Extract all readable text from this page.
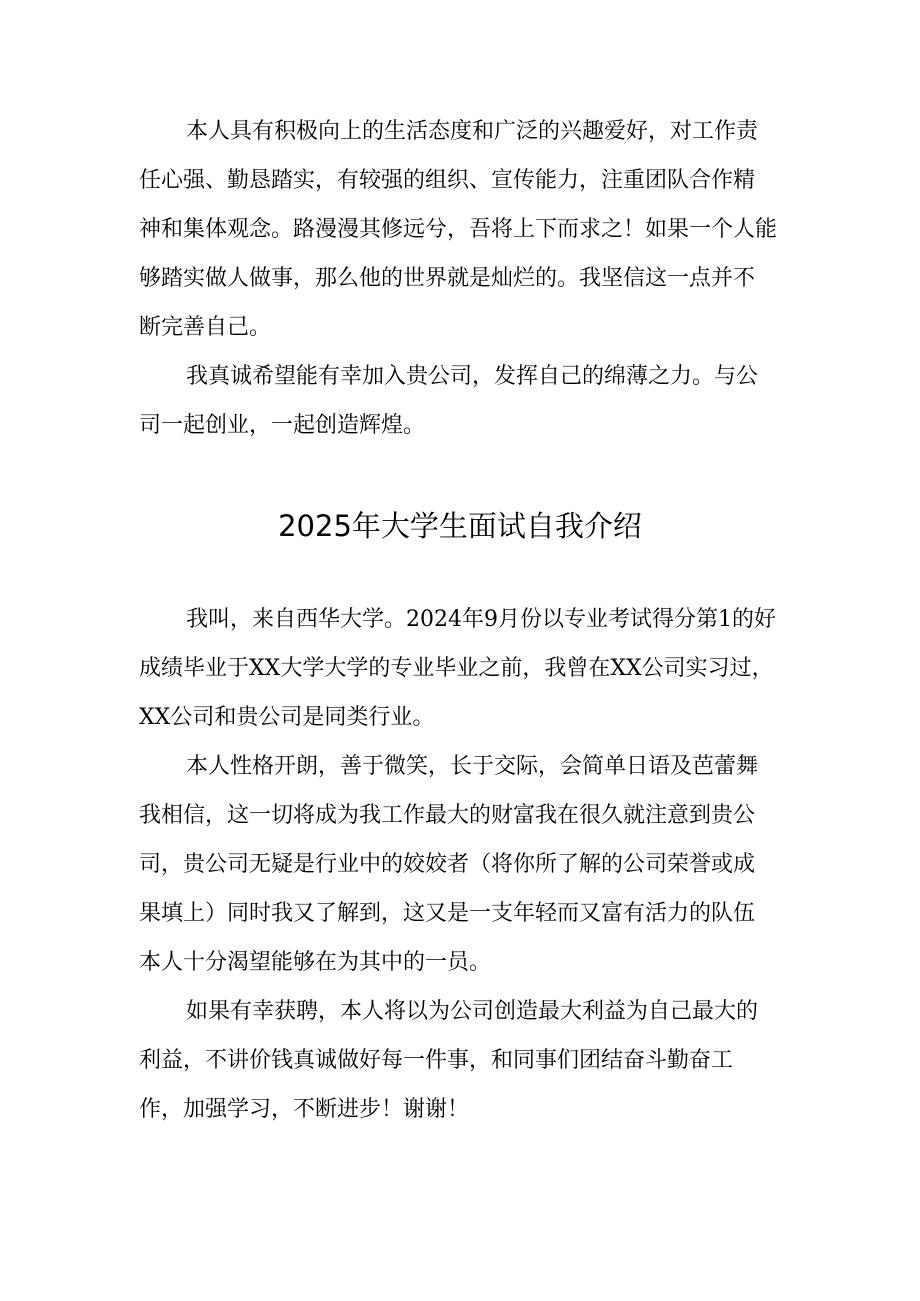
本人具有积极向上的生活态度和广泛的兴趣爱好，对工作责
任心强、勤恳踏实，有较强的组织、宣传能力，注重团队合作精
神和集体观念。路漫漫其修远兮，吾将上下而求之！如果一个人能
够踏实做人做事，那么他的世界就是灿烂的。我坚信这一点并不
断完善自己。
我真诚希望能有幸加入贵公司，发挥自己的绵薄之力。与公
司一起创业，一起创造辉煌。
2025年大学生面试自我介绍
我叫，来自西华大学。2024年9月份以专业考试得分第1的好
成绩毕业于XX大学大学的专业毕业之前，我曾在XX公司实习过，
XX公司和贵公司是同类行业。
本人性格开朗，善于微笑，长于交际，会简单日语及芭蕾舞
我相信，这一切将成为我工作最大的财富我在很久就注意到贵公
司，贵公司无疑是行业中的姣姣者（将你所了解的公司荣誉或成
果填上）同时我又了解到，这又是一支年轻而又富有活力的队伍
本人十分渴望能够在为其中的一员。
如果有幸获聘，本人将以为公司创造最大利益为自己最大的
利益，不讲价钱真诚做好每一件事，和同事们团结奋斗勤奋工
作，加强学习，不断进步！谢谢！
